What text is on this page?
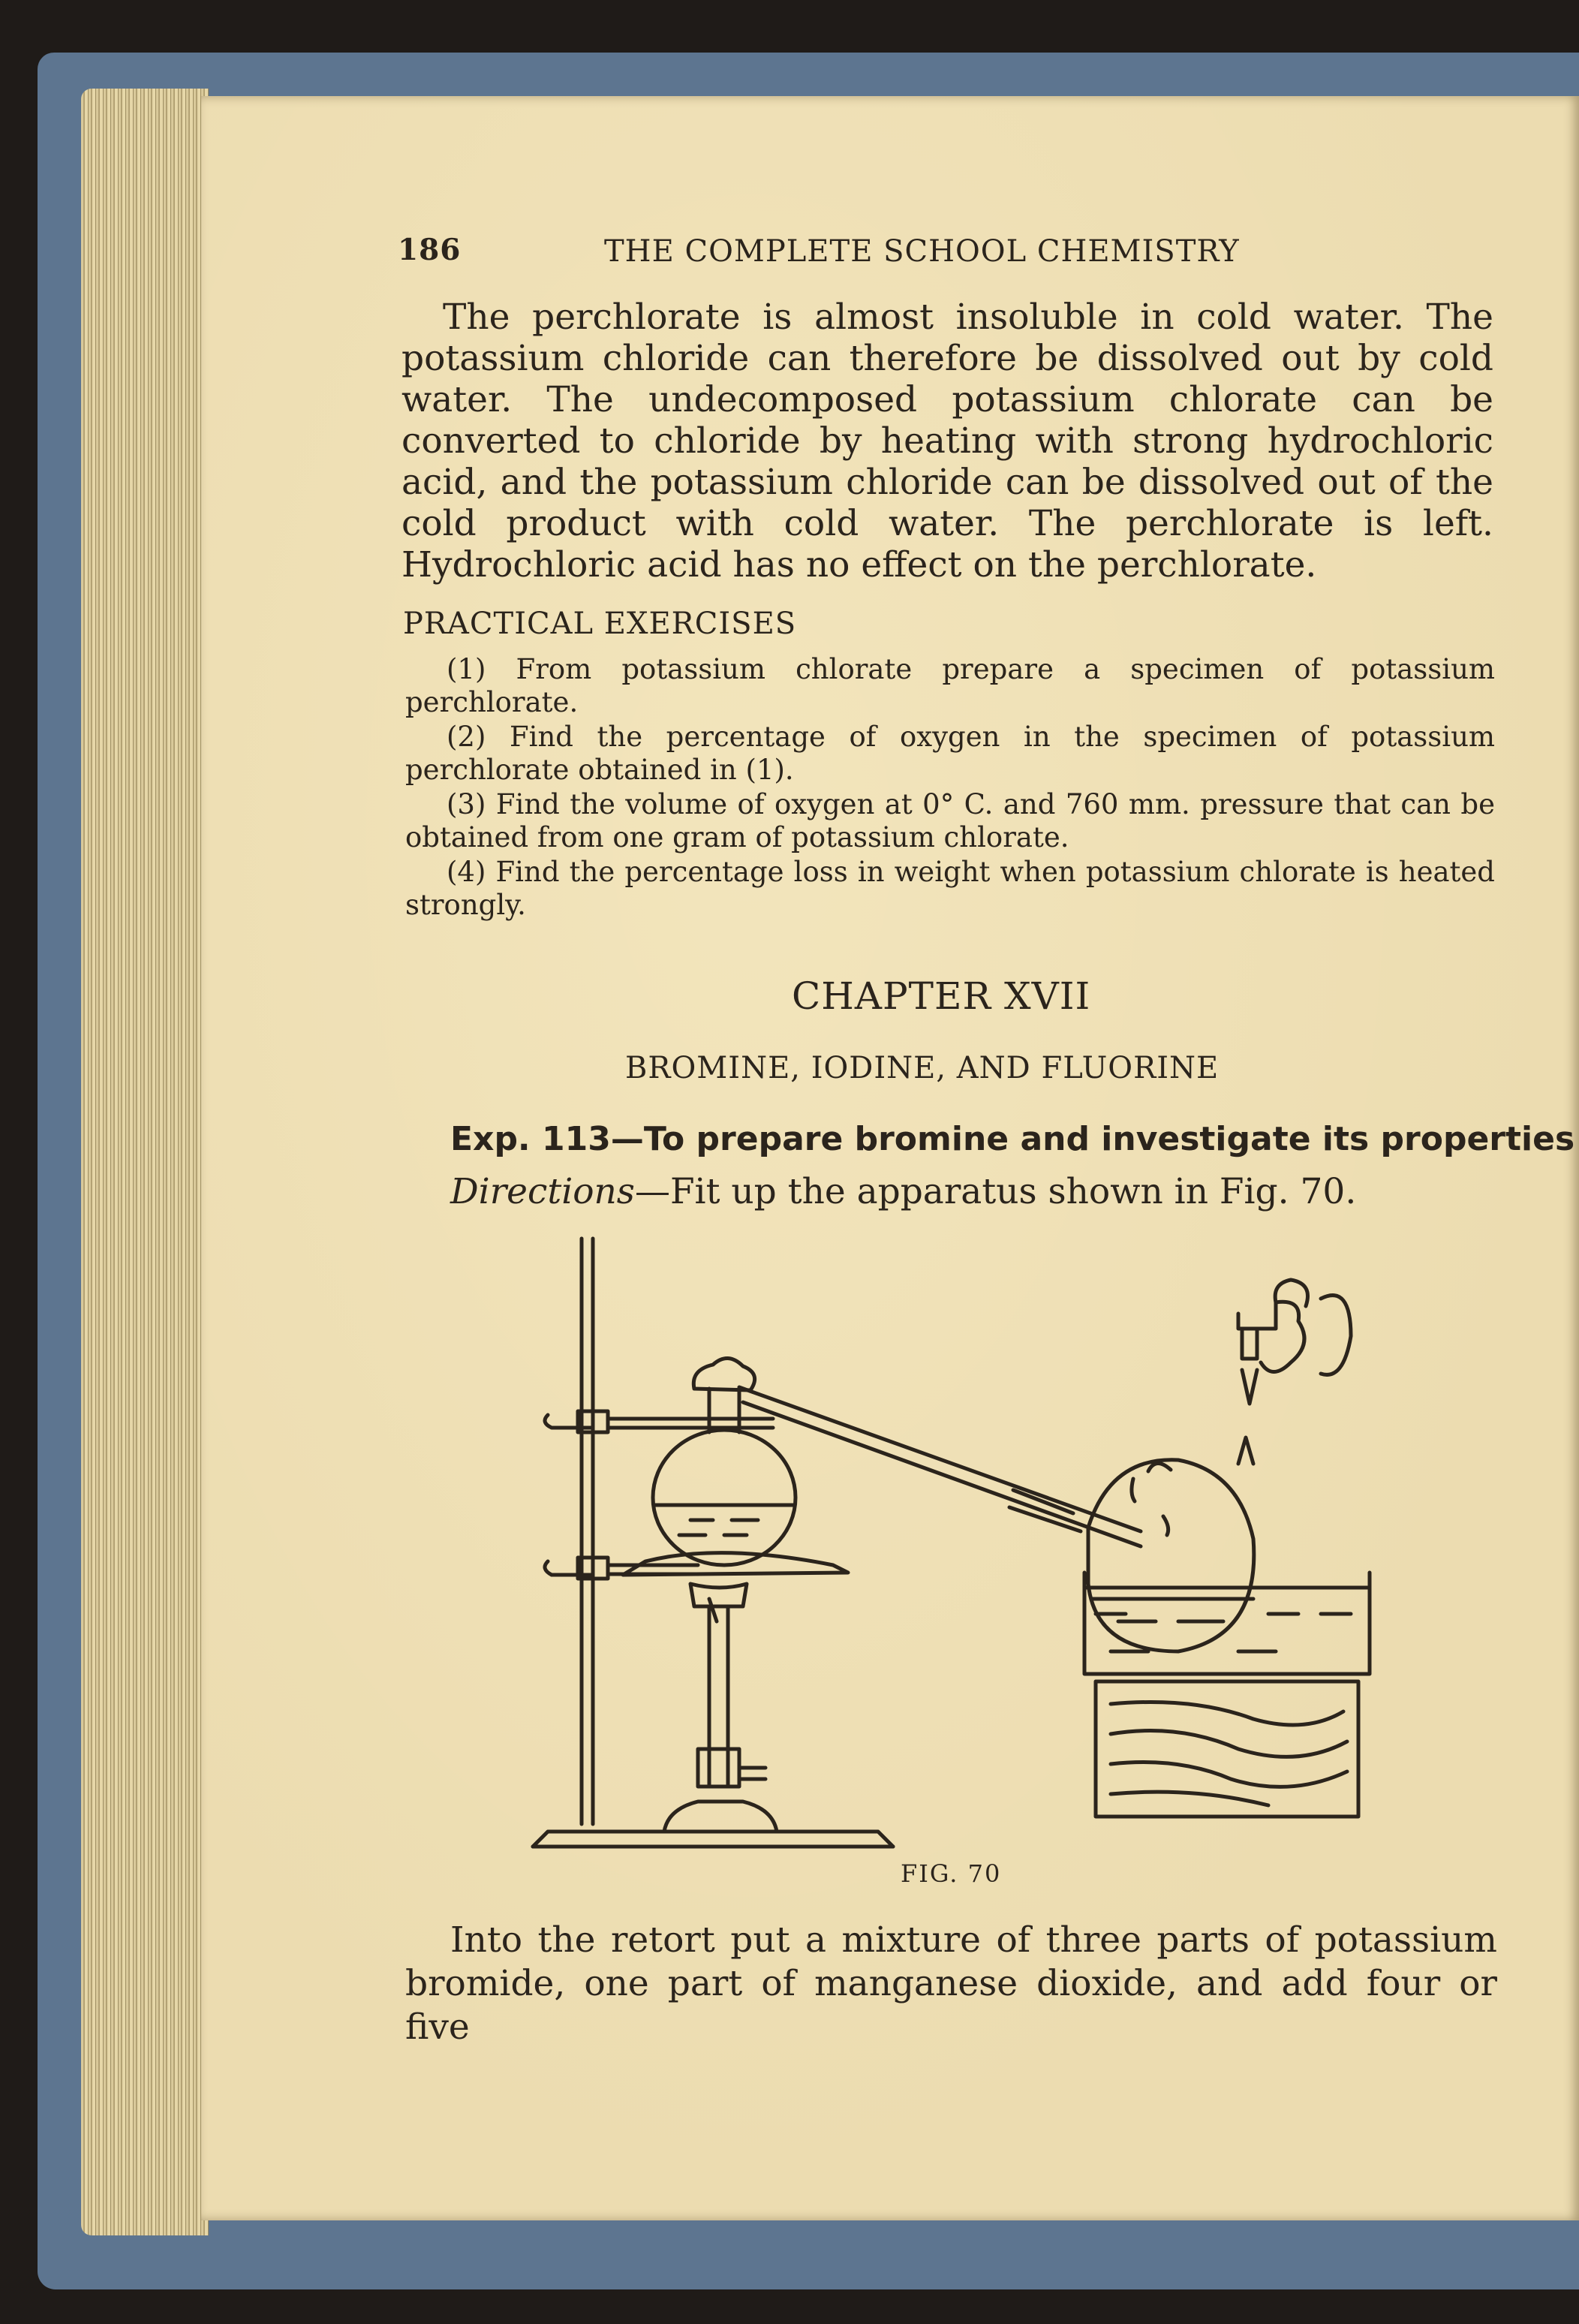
186	THE COMPLETE SCHOOL CHEMISTRY

The perchlorate is almost insoluble in cold water. The potassium chloride can therefore be dissolved out by cold water. The undecomposed potassium chlorate can be converted to chloride by heating with strong hydrochloric acid, and the potassium chloride can be dissolved out of the cold product with cold water. The perchlorate is left. Hydrochloric acid has no effect on the perchlorate.

PRACTICAL EXERCISES

(1) From potassium chlorate prepare a specimen of potassium perchlorate.

(2) Find the percentage of oxygen in the specimen of potassium perchlorate obtained in (1).

(3) Find the volume of oxygen at 0° C. and 760 mm. pressure that can be obtained from one gram of potassium chlorate.

(4) Find the percentage loss in weight when potassium chlorate is heated strongly.

CHAPTER XVII
BROMINE, IODINE, AND FLUORINE
Exp. 113—To prepare bromine and investigate its properties
Directions—Fit up the apparatus shown in Fig. 70.
FIG. 70

Into the retort put a mixture of three parts of potassium bromide, one part of manganese dioxide, and add four or five
